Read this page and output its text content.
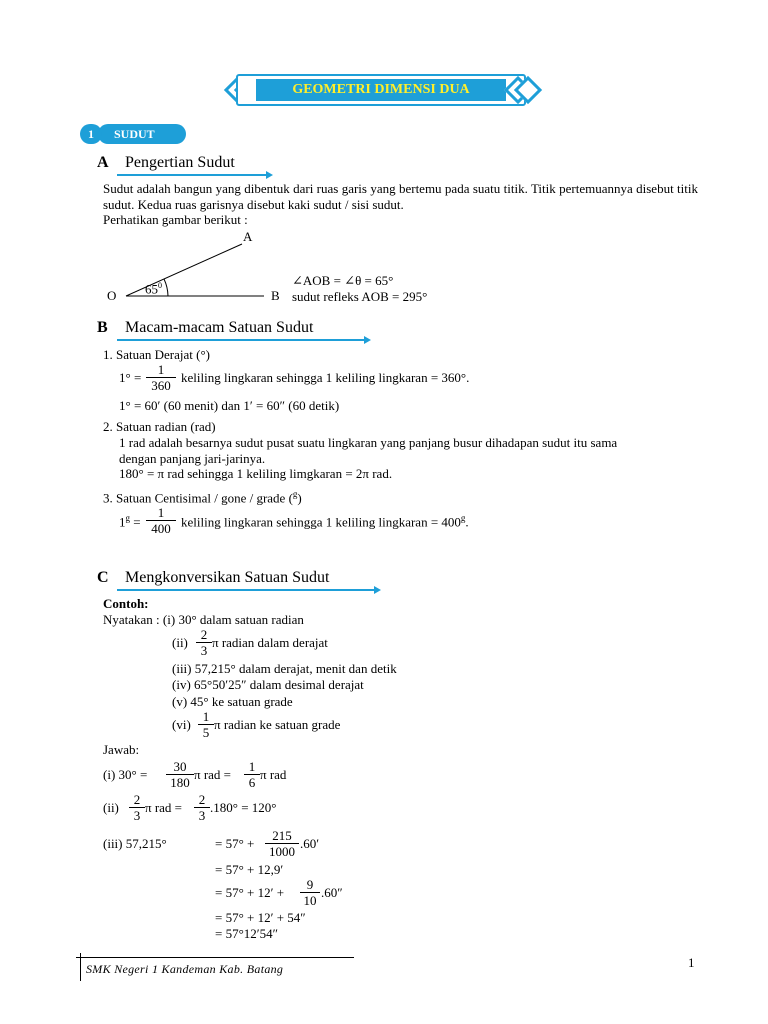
GEOMETRI DIMENSI DUA
SUDUT
1
A Pengertian Sudut
Sudut adalah bangun yang dibentuk dari ruas garis yang bertemu pada suatu titik. Titik pertemuannya disebut titik sudut. Kedua ruas garisnya disebut kaki sudut / sisi sudut.
Perhatikan gambar berikut :
A
O	B
$65^0$	∠AOB = ∠θ = 65°
sudut refleks AOB = 295°
B Macam-macam Satuan Sudut
1. Satuan Derajat (°)
$1^\circ = \frac{1}{360}$ keliling lingkaran sehingga 1 keliling lingkaran = 360°.
1° = 60′ (60 menit) dan 1′ = 60″ (60 detik)
2. Satuan radian (rad)
1 rad adalah besarnya sudut pusat suatu lingkaran yang panjang busur dihadapan sudut itu sama
dengan panjang jari-jarinya.
180° = π rad sehingga 1 keliling limgkaran = 2π rad.
3. Satuan Centisimal / gone / grade ($^g$)
$1^g = \frac{1}{400}$ keliling lingkaran sehingga 1 keliling lingkaran = $400^g$.
C Mengkonversikan Satuan Sudut
Contoh:
Nyatakan : (i) 30° dalam satuan radian
$(ii) \frac{2}{3}$ π radian dalam derajat
(iii) 57,215° dalam derajat, menit dan detik
(iv) 65°50′25″ dalam desimal derajat
(v) 45° ke satuan grade
$(vi) \frac{1}{5}$ π radian ke satuan grade
Jawab:
(i) $30^\circ = \frac{30}{180}$ π rad = $\frac{1}{6}$ π rad
$(ii) \frac{2}{3}$ π rad = $\frac{2}{3} .180^\circ = 120^\circ$
(iii) 57,215°	= $57^\circ + \frac{215}{1000} .60'$
= 57° + 12,9′
= $57^\circ + 12' + \frac{9}{10} .60''$
= 57° + 12′ + 54″
= 57°12′54″
SMK Negeri 1 Kandeman Kab. Batang	1
